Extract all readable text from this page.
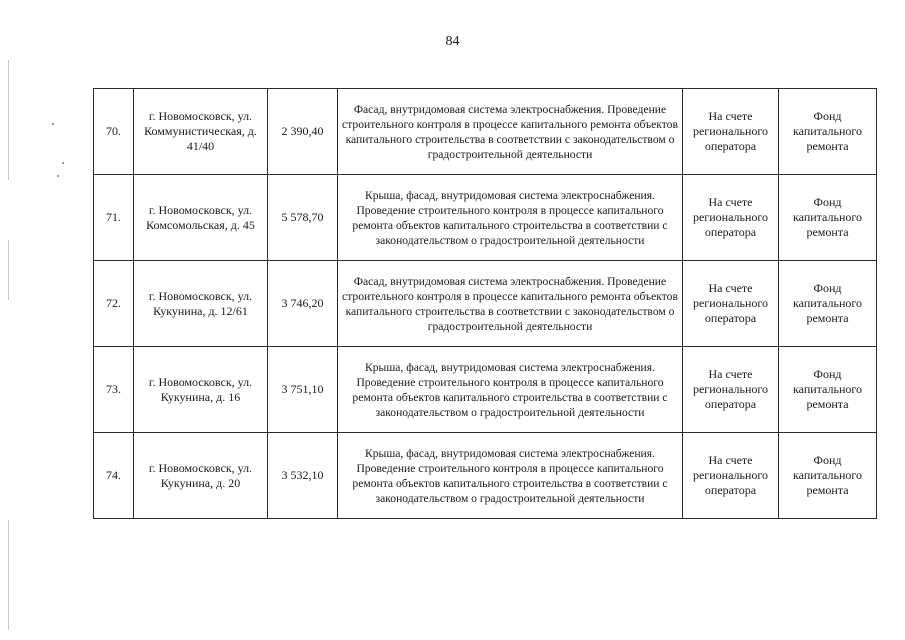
84
70.	г. Новомосковск, ул. Коммунистическая, д. 41/40	2 390,40	Фасад, внутридомовая система электроснабжения. Проведение строительного контроля в процессе капитального ремонта объектов капитального строительства в соответствии с законодательством о градостроительной деятельности	На счете регионального оператора	Фонд капитального ремонта
71.	г. Новомосковск, ул. Комсомольская, д. 45	5 578,70	Крыша, фасад, внутридомовая система электроснабжения. Проведение строительного контроля в процессе капитального ремонта объектов капитального строительства в соответствии с законодательством о градостроительной деятельности	На счете регионального оператора	Фонд капитального ремонта
72.	г. Новомосковск, ул. Кукунина, д. 12/61	3 746,20	Фасад, внутридомовая система электроснабжения. Проведение строительного контроля в процессе капитального ремонта объектов капитального строительства в соответствии с законодательством о градостроительной деятельности	На счете регионального оператора	Фонд капитального ремонта
73.	г. Новомосковск, ул. Кукунина, д. 16	3 751,10	Крыша, фасад, внутридомовая система электроснабжения. Проведение строительного контроля в процессе капитального ремонта объектов капитального строительства в соответствии с законодательством о градостроительной деятельности	На счете регионального оператора	Фонд капитального ремонта
74.	г. Новомосковск, ул. Кукунина, д. 20	3 532,10	Крыша, фасад, внутридомовая система электроснабжения. Проведение строительного контроля в процессе капитального ремонта объектов капитального строительства в соответствии с законодательством о градостроительной деятельности	На счете регионального оператора	Фонд капитального ремонта
